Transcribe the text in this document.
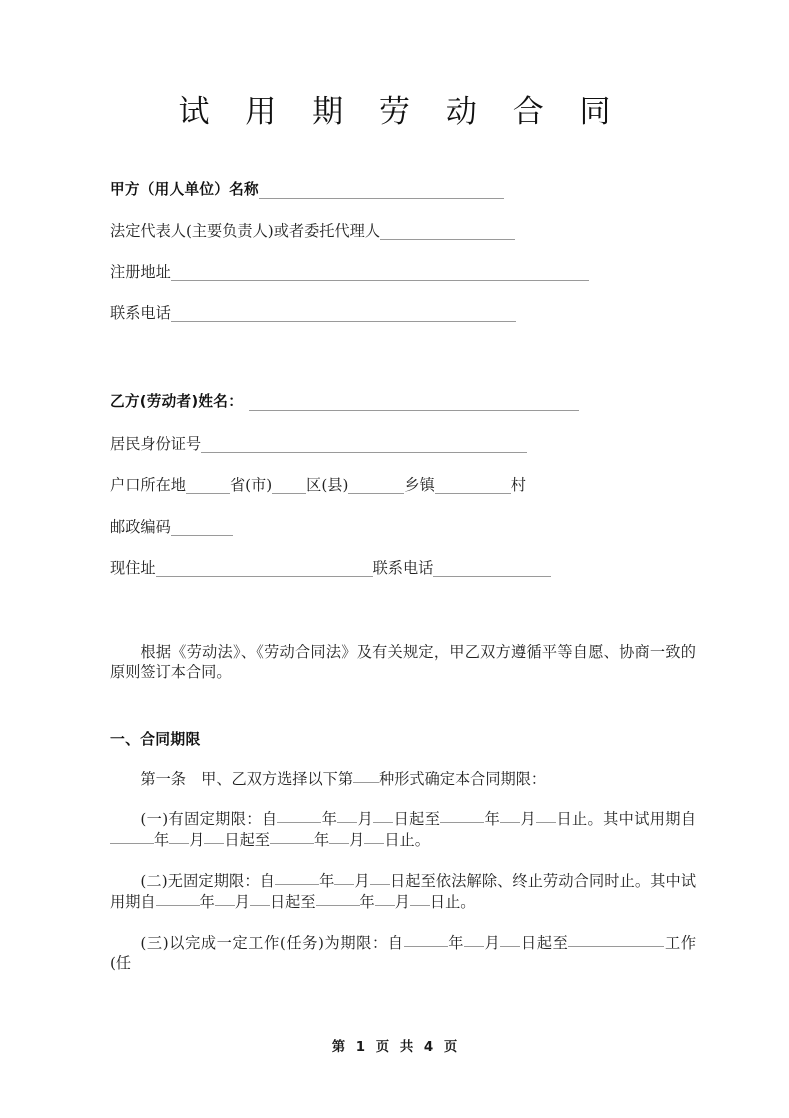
试 用 期 劳 动 合 同
甲方（用人单位）名称
法定代表人(主要负责人)或者委托代理人
注册地址
联系电话
乙方(劳动者)姓名：
居民身份证号
户口所在地	省(市) 区(县)	乡镇	村
邮政编码
现住址	联系电话

根据《劳动法》、《劳动合同法》及有关规定，甲乙双方遵循平等自愿、协商一致的原则签订本合同。

一、合同期限
第一条　甲、乙双方选择以下第 种形式确定本合同期限：
(一)有固定期限：自	年 月 日起至	年 月 日止。其中试用期自年 月 日起至	年 月 日止。
(二)无固定期限：自	年 月 日起至依法解除、终止劳动合同时止。其中试用期自	年 月 日起至	年 月 日止。
(三)以完成一定工作(任务)为期限：自	年 月 日起至	工作(任
第 1 页 共 4 页
